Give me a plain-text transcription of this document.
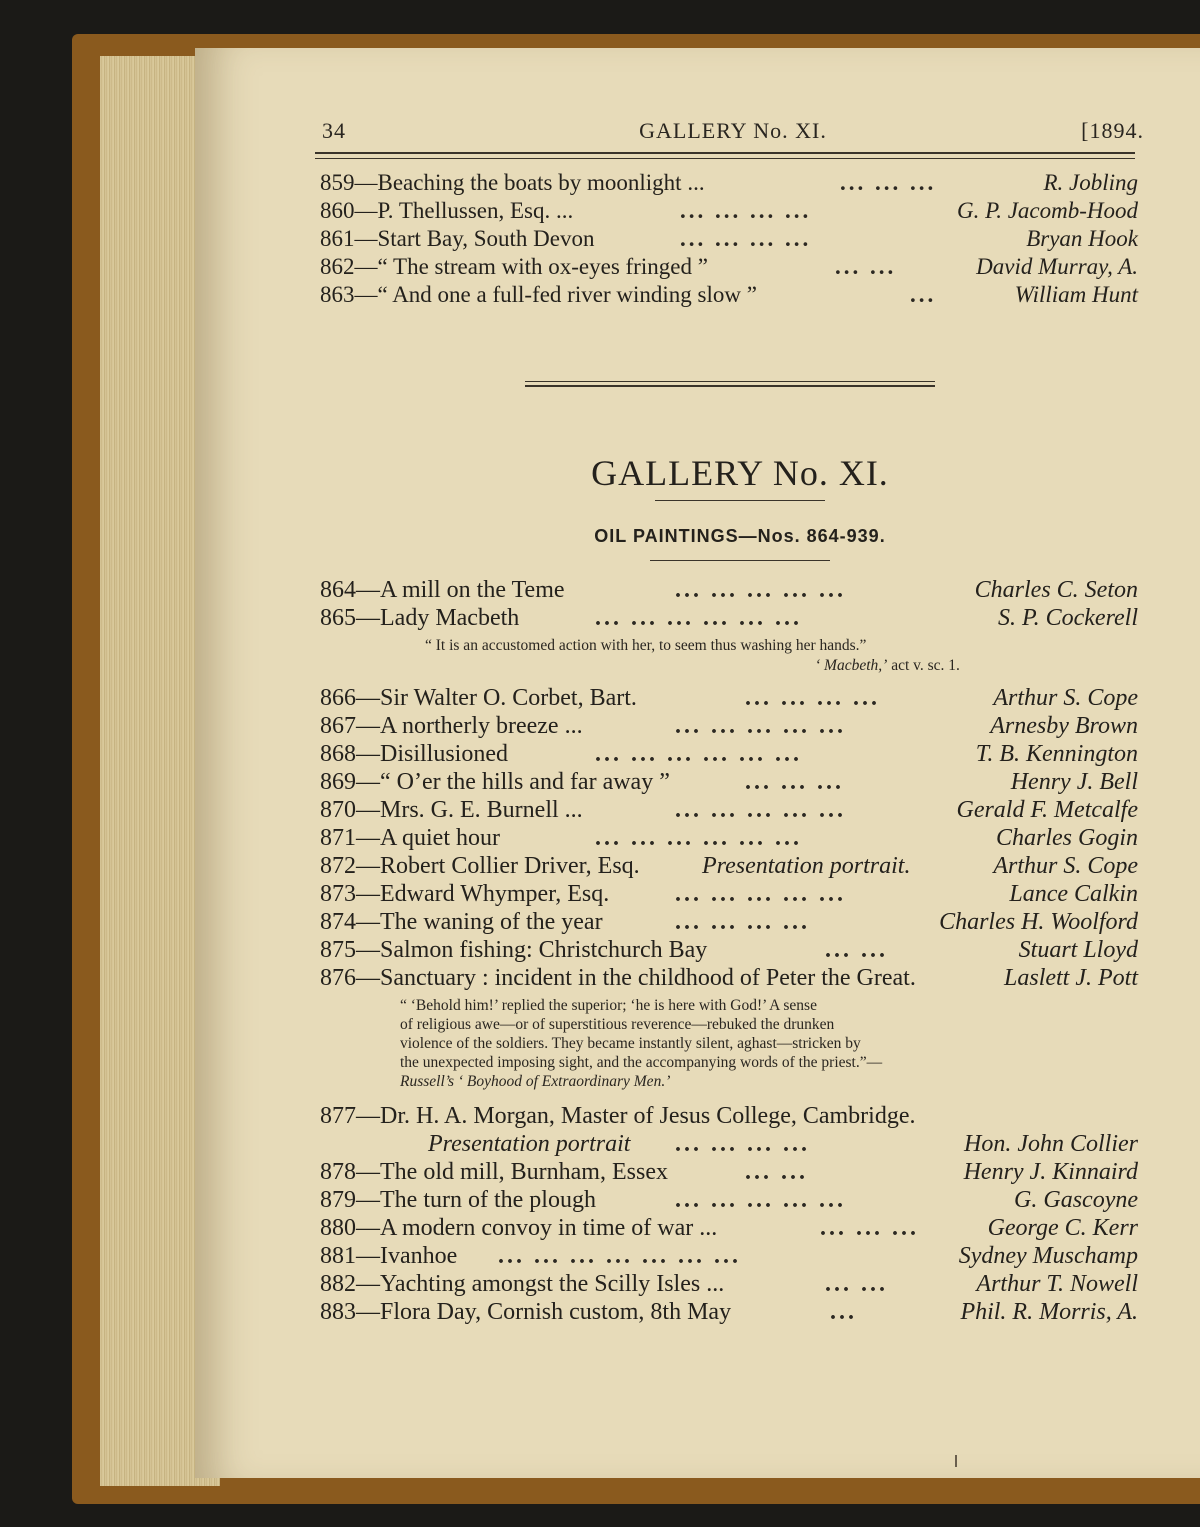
34	GALLERY No. XI.	[1894.
859—Beaching the boats by moonlight ...	... ... ...	R. Jobling
860—P. Thellussen, Esq. ...	... ... ... ...	G. P. Jacomb-Hood
861—Start Bay, South Devon	... ... ... ...	Bryan Hook
862—“ The stream with ox-eyes fringed ”	... ...	David Murray, A.
863—“ And one a full-fed river winding slow ”	...	William Hunt
GALLERY No. XI.
OIL PAINTINGS—Nos. 864-939.
864—A mill on the Teme	... ... ... ... ...	Charles C. Seton
865—Lady Macbeth	... ... ... ... ... ...	S. P. Cockerell
“ It is an accustomed action with her, to seem thus washing her hands.”
‘ Macbeth,’ act v. sc. 1.
866—Sir Walter O. Corbet, Bart.	... ... ... ...	Arthur S. Cope
867—A northerly breeze ...	... ... ... ... ...	Arnesby Brown
868—Disillusioned	... ... ... ... ... ...	T. B. Kennington
869—“ O’er the hills and far away ”	... ... ...	Henry J. Bell
870—Mrs. G. E. Burnell ...	... ... ... ... ...	Gerald F. Metcalfe
871—A quiet hour	... ... ... ... ... ...	Charles Gogin
872—Robert Collier Driver, Esq.	Presentation portrait.	Arthur S. Cope
873—Edward Whymper, Esq.	... ... ... ... ...	Lance Calkin
874—The waning of the year	... ... ... ...	Charles H. Woolford
875—Salmon fishing: Christchurch Bay	... ...	Stuart Lloyd
876—Sanctuary : incident in the childhood of Peter the Great.	Laslett J. Pott
“ ‘Behold him!’ replied the superior; ‘he is here with God!’ A sense
of religious awe—or of superstitious reverence—rebuked the drunken
violence of the soldiers. They became instantly silent, aghast—stricken by
the unexpected imposing sight, and the accompanying words of the priest.”—
Russell’s ‘ Boyhood of Extraordinary Men.’
877—Dr. H. A. Morgan, Master of Jesus College, Cambridge.
Presentation portrait ... ... ... ...	Hon. John Collier
878—The old mill, Burnham, Essex	... ...	Henry J. Kinnaird
879—The turn of the plough	... ... ... ... ...	G. Gascoyne
880—A modern convoy in time of war ...	... ... ...	George C. Kerr
881—Ivanhoe ... ... ... ... ... ... ...	Sydney Muschamp
882—Yachting amongst the Scilly Isles ...	... ...	Arthur T. Nowell
883—Flora Day, Cornish custom, 8th May	...	Phil. R. Morris, A.
